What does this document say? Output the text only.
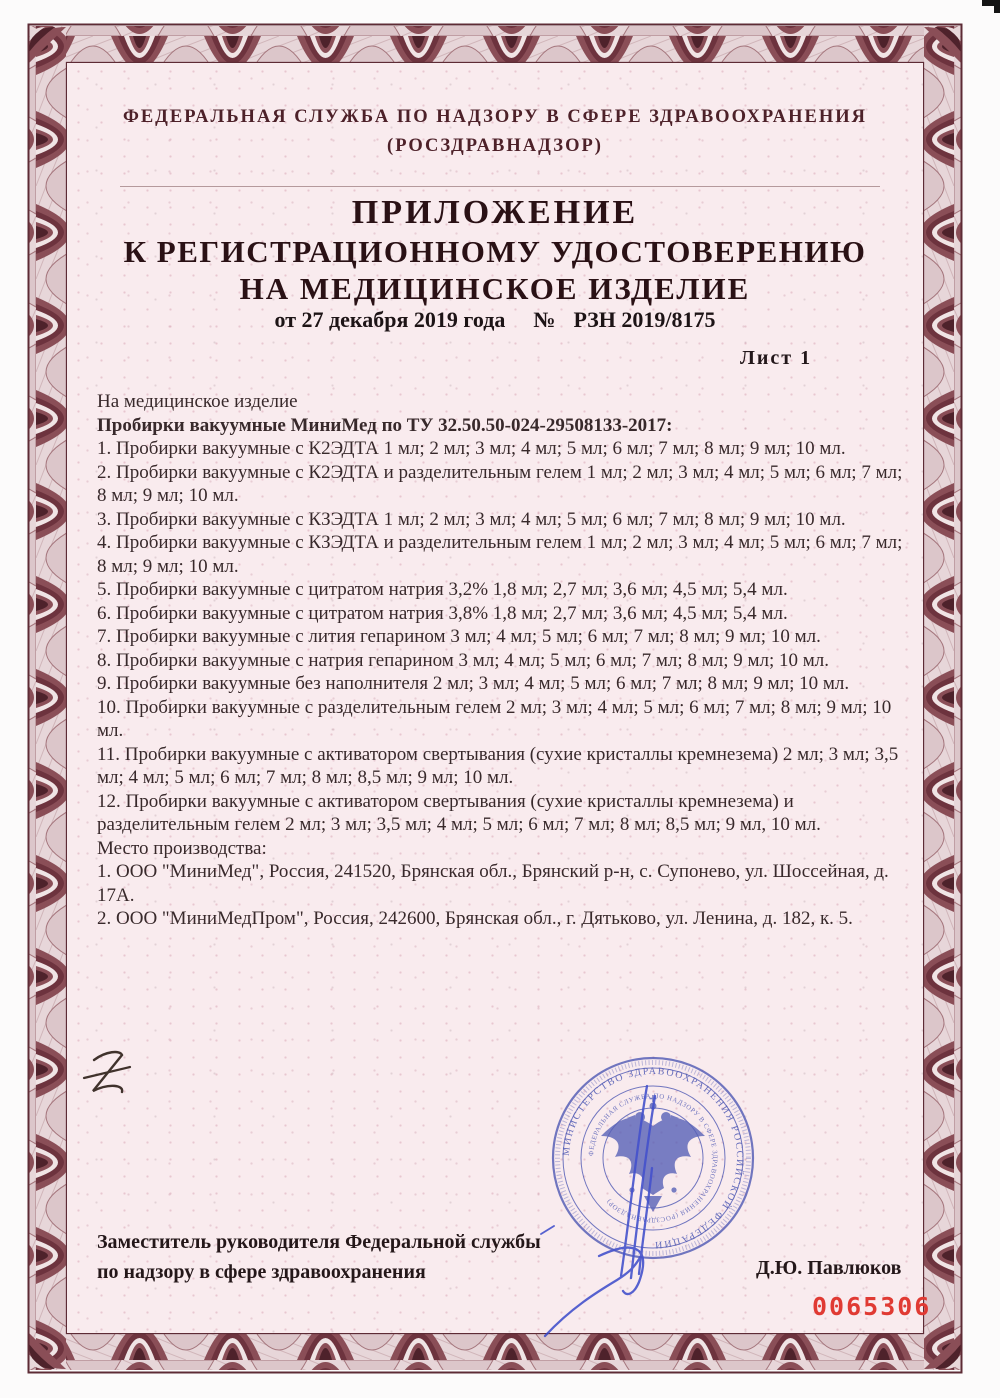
ФЕДЕРАЛЬНАЯ СЛУЖБА ПО НАДЗОРУ В СФЕРЕ ЗДРАВООХРАНЕНИЯ
(РОСЗДРАВНАДЗОР)
ПРИЛОЖЕНИЕ
К РЕГИСТРАЦИОННОМУ УДОСТОВЕРЕНИЮ
НА МЕДИЦИНСКОЕ ИЗДЕЛИЕ
от 27 декабря 2019 года № РЗН 2019/8175
Лист 1

На медицинское изделие

Пробирки вакуумные МиниМед по ТУ 32.50.50-024-29508133-2017:

1. Пробирки вакуумные с К2ЭДТА 1 мл; 2 мл; 3 мл; 4 мл; 5 мл; 6 мл; 7 мл; 8 мл; 9 мл; 10 мл.

2. Пробирки вакуумные с К2ЭДТА и разделительным гелем 1 мл; 2 мл; 3 мл; 4 мл; 5 мл; 6 мл; 7 мл; 8 мл; 9 мл; 10 мл.

3. Пробирки вакуумные с КЗЭДТА 1 мл; 2 мл; 3 мл; 4 мл; 5 мл; 6 мл; 7 мл; 8 мл; 9 мл; 10 мл.

4. Пробирки вакуумные с КЗЭДТА и разделительным гелем 1 мл; 2 мл; 3 мл; 4 мл; 5 мл; 6 мл; 7 мл; 8 мл; 9 мл; 10 мл.

5. Пробирки вакуумные с цитратом натрия 3,2% 1,8 мл; 2,7 мл; 3,6 мл; 4,5 мл; 5,4 мл.

6. Пробирки вакуумные с цитратом натрия 3,8% 1,8 мл; 2,7 мл; 3,6 мл; 4,5 мл; 5,4 мл.

7. Пробирки вакуумные с лития гепарином 3 мл; 4 мл; 5 мл; 6 мл; 7 мл; 8 мл; 9 мл; 10 мл.

8. Пробирки вакуумные с натрия гепарином 3 мл; 4 мл; 5 мл; 6 мл; 7 мл; 8 мл; 9 мл; 10 мл.

9. Пробирки вакуумные без наполнителя 2 мл; 3 мл; 4 мл; 5 мл; 6 мл; 7 мл; 8 мл; 9 мл; 10 мл.

10. Пробирки вакуумные с разделительным гелем 2 мл; 3 мл; 4 мл; 5 мл; 6 мл; 7 мл; 8 мл; 9 мл; 10 мл.

11. Пробирки вакуумные с активатором свертывания (сухие кристаллы кремнезема) 2 мл; 3 мл; 3,5 мл; 4 мл; 5 мл; 6 мл; 7 мл; 8 мл; 8,5 мл; 9 мл; 10 мл.

12. Пробирки вакуумные с активатором свертывания (сухие кристаллы кремнезема) и разделительным гелем 2 мл; 3 мл; 3,5 мл; 4 мл; 5 мл; 6 мл; 7 мл; 8 мл; 8,5 мл; 9 мл, 10 мл.

Место производства:

1. ООО "МиниМед", Россия, 241520, Брянская обл., Брянский р-н, с. Супонево, ул. Шоссейная, д. 17А.

2. ООО "МиниМедПром", Россия, 242600, Брянская обл., г. Дятьково, ул. Ленина, д. 182, к. 5.

МИНИСТЕРСТВО ЗДРАВООХРАНЕНИЯ РОССИЙСКОЙ ФЕДЕРАЦИИ
ФЕДЕРАЛЬНАЯ СЛУЖБА ПО НАДЗОРУ В СФЕРЕ ЗДРАВООХРАНЕНИЯ (РОСЗДРАВНАДЗОР)
Заместитель руководителя Федеральной службы
по надзору в сфере здравоохранения	Д.Ю. Павлюков
0065306
